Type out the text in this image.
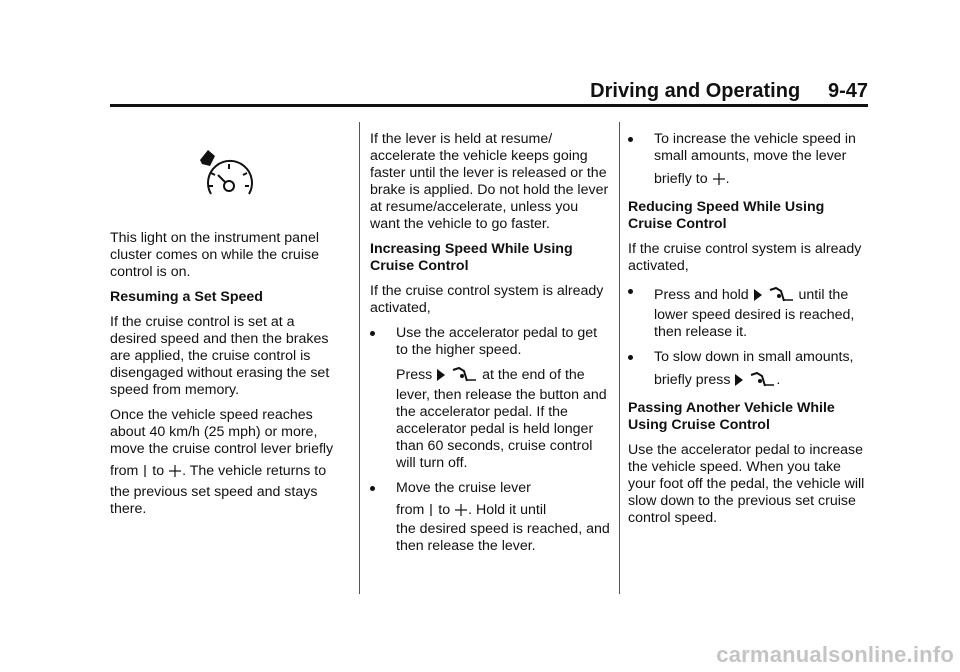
Driving and Operating     9-47

This light on the instrument panel cluster comes on while the cruise control is on.

Resuming a Set Speed

If the cruise control is set at a desired speed and then the brakes are applied, the cruise control is disengaged without erasing the set speed from memory.

Once the vehicle speed reaches about 40 km/h (25 mph) or more, move the cruise control lever briefly

from to . The vehicle returns to

the previous set speed and stays there.

If the lever is held at resume/ accelerate the vehicle keeps going faster until the lever is released or the brake is applied. Do not hold the lever at resume/accelerate, unless you want the vehicle to go faster.

Increasing Speed While Using Cruise Control

If the cruise control system is already activated,

Use the accelerator pedal to get to the higher speed.
Press	at the end of the
lever, then release the button and the accelerator pedal. If the accelerator pedal is held longer than 60 seconds, cruise control will turn off.
Move the cruise lever
from to . Hold it until
the desired speed is reached, and then release the lever.
To increase the vehicle speed in small amounts, move the lever
briefly to .

Reducing Speed While Using Cruise Control

If the cruise control system is already activated,

Press and hold	until the
lower speed desired is reached, then release it.
To slow down in small amounts,
briefly press	.

Passing Another Vehicle While Using Cruise Control

Use the accelerator pedal to increase the vehicle speed. When you take your foot off the pedal, the vehicle will slow down to the previous set cruise control speed.

carmanualsonline.info
